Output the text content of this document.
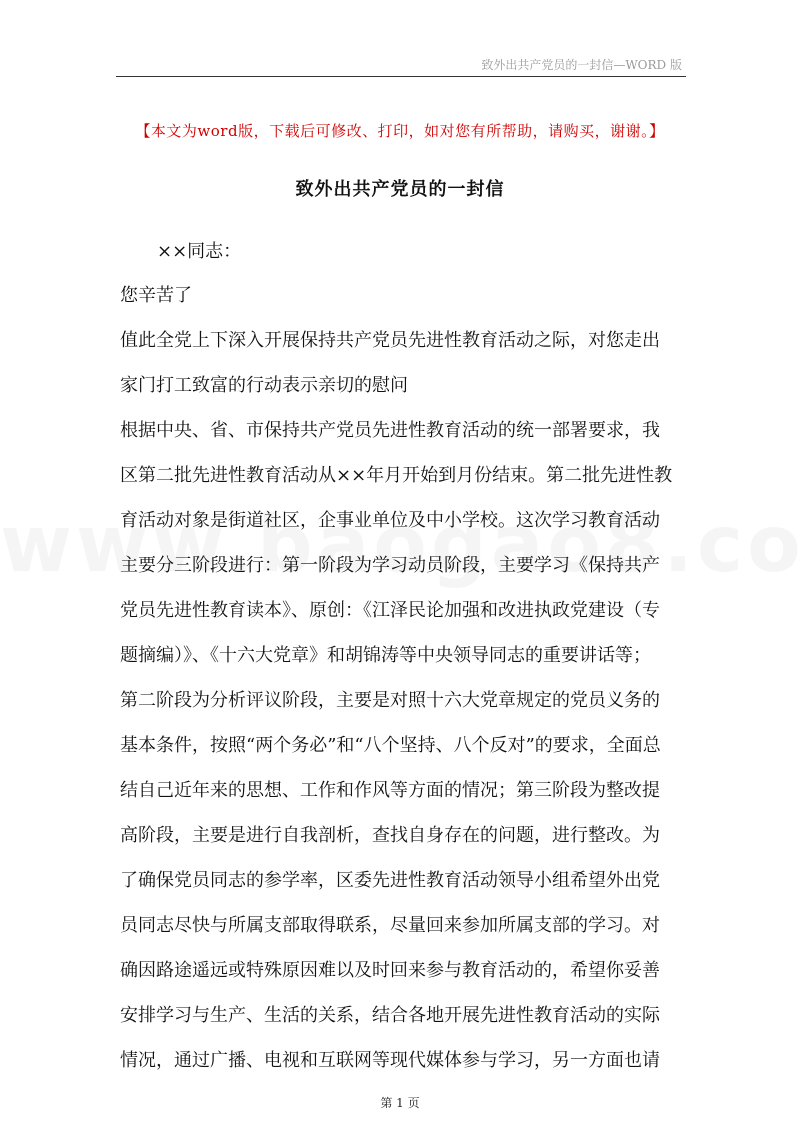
致外出共产党员的一封信—WORD 版
【本文为word版，下载后可修改、打印，如对您有所帮助，请购买，谢谢。】
致外出共产党员的一封信
××同志：
您辛苦了
值此全党上下深入开展保持共产党员先进性教育活动之际，对您走出
家门打工致富的行动表示亲切的慰问
根据中央、省、市保持共产党员先进性教育活动的统一部署要求，我
区第二批先进性教育活动从××年月开始到月份结束。第二批先进性教
育活动对象是街道社区，企事业单位及中小学校。这次学习教育活动
主要分三阶段进行：第一阶段为学习动员阶段，主要学习《保持共产
党员先进性教育读本》、原创：《江泽民论加强和改进执政党建设（专
题摘编）》、《十六大党章》和胡锦涛等中央领导同志的重要讲话等；
第二阶段为分析评议阶段，主要是对照十六大党章规定的党员义务的
基本条件，按照“两个务必”和“八个坚持、八个反对”的要求，全面总
结自己近年来的思想、工作和作风等方面的情况；第三阶段为整改提
高阶段，主要是进行自我剖析，查找自身存在的问题，进行整改。为
了确保党员同志的参学率，区委先进性教育活动领导小组希望外出党
员同志尽快与所属支部取得联系，尽量回来参加所属支部的学习。对
确因路途遥远或特殊原因难以及时回来参与教育活动的，希望你妥善
安排学习与生产、生活的关系，结合各地开展先进性教育活动的实际
第 1 页
情况，通过广播、电视和互联网等现代媒体参与学习，另一方面也请
